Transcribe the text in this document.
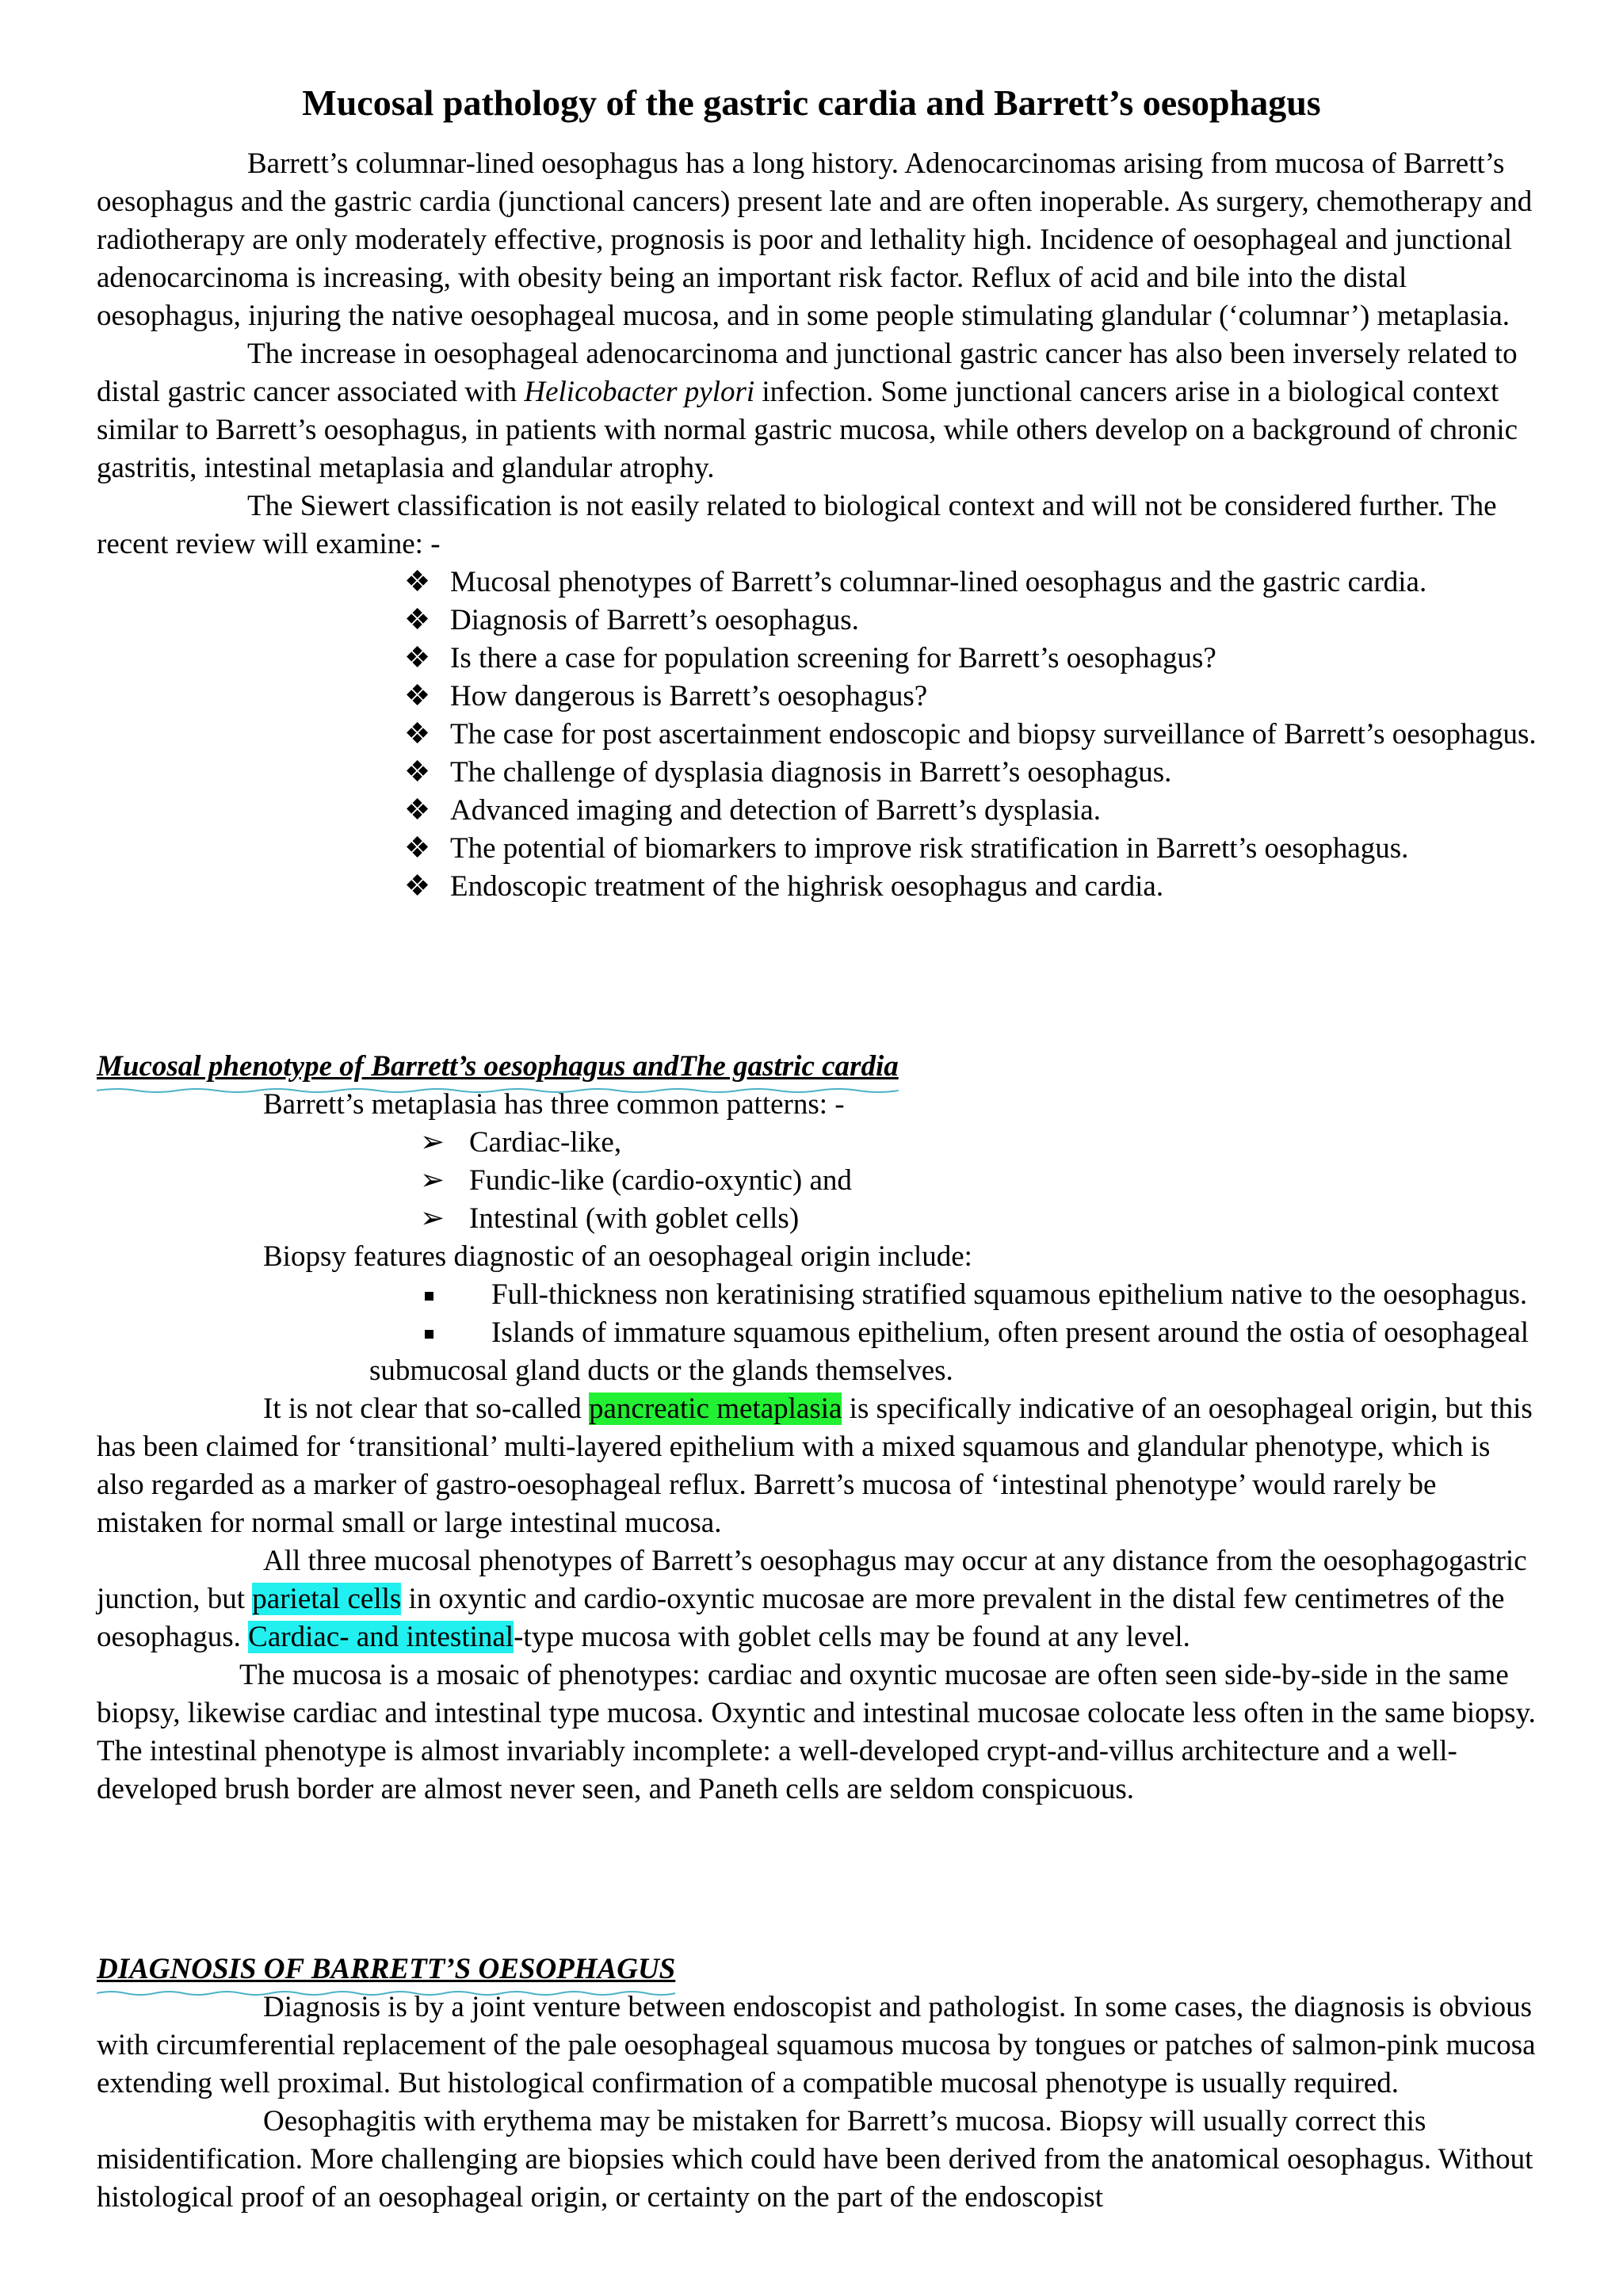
Mucosal pathology of the gastric cardia and Barrett’s oesophagus

Barrett’s columnar-lined oesophagus has a long history. Adenocarcinomas arising from mucosa of Barrett’s oesophagus and the gastric cardia (junctional cancers) present late and are often inoperable. As surgery, chemotherapy and radiotherapy are only moderately effective, prognosis is poor and lethality high. Incidence of oesophageal and junctional adenocarcinoma is increasing, with obesity being an important risk factor. Reflux of acid and bile into the distal oesophagus, injuring the native oesophageal mucosa, and in some people stimulating glandular (‘columnar’) metaplasia.

The increase in oesophageal adenocarcinoma and junctional gastric cancer has also been inversely related to distal gastric cancer associated with Helicobacter pylori infection. Some junctional cancers arise in a biological context similar to Barrett’s oesophagus, in patients with normal gastric mucosa, while others develop on a background of chronic gastritis, intestinal metaplasia and glandular atrophy.

The Siewert classification is not easily related to biological context and will not be considered further. The recent review will examine: -

❖ Mucosal phenotypes of Barrett’s columnar-lined oesophagus and the gastric cardia.
❖ Diagnosis of Barrett’s oesophagus.
❖ Is there a case for population screening for Barrett’s oesophagus?
❖ How dangerous is Barrett’s oesophagus?
❖ The case for post ascertainment endoscopic and biopsy surveillance of Barrett’s oesophagus.
❖ The challenge of dysplasia diagnosis in Barrett’s oesophagus.
❖ Advanced imaging and detection of Barrett’s dysplasia.
❖ The potential of biomarkers to improve risk stratification in Barrett’s oesophagus.
❖ Endoscopic treatment of the highrisk oesophagus and cardia.
Mucosal phenotype of Barrett’s oesophagus andThe gastric cardia

Barrett’s metaplasia has three common patterns: -

➢ Cardiac-like,
➢ Fundic-like (cardio-oxyntic) and
➢ Intestinal (with goblet cells)

Biopsy features diagnostic of an oesophageal origin include:

Full-thickness non keratinising stratified squamous epithelium native to the oesophagus.
Islands of immature squamous epithelium, often present around the ostia of oesophageal submucosal gland ducts or the glands themselves.

It is not clear that so-called pancreatic metaplasia is specifically indicative of an oesophageal origin, but this has been claimed for ‘transitional’ multi-layered epithelium with a mixed squamous and glandular phenotype, which is also regarded as a marker of gastro-oesophageal reflux. Barrett’s mucosa of ‘intestinal phenotype’ would rarely be mistaken for normal small or large intestinal mucosa.

All three mucosal phenotypes of Barrett’s oesophagus may occur at any distance from the oesophagogastric junction, but parietal cells in oxyntic and cardio-oxyntic mucosae are more prevalent in the distal few centimetres of the oesophagus. Cardiac- and intestinal-type mucosa with goblet cells may be found at any level.

The mucosa is a mosaic of phenotypes: cardiac and oxyntic mucosae are often seen side-by-side in the same biopsy, likewise cardiac and intestinal type mucosa. Oxyntic and intestinal mucosae colocate less often in the same biopsy. The intestinal phenotype is almost invariably incomplete: a well-developed crypt-and-villus architecture and a well-developed brush border are almost never seen, and Paneth cells are seldom conspicuous.

DIAGNOSIS OF BARRETT’S OESOPHAGUS

Diagnosis is by a joint venture between endoscopist and pathologist. In some cases, the diagnosis is obvious with circumferential replacement of the pale oesophageal squamous mucosa by tongues or patches of salmon-pink mucosa extending well proximal. But histological confirmation of a compatible mucosal phenotype is usually required.

Oesophagitis with erythema may be mistaken for Barrett’s mucosa. Biopsy will usually correct this misidentification. More challenging are biopsies which could have been derived from the anatomical oesophagus. Without histological proof of an oesophageal origin, or certainty on the part of the endoscopist
